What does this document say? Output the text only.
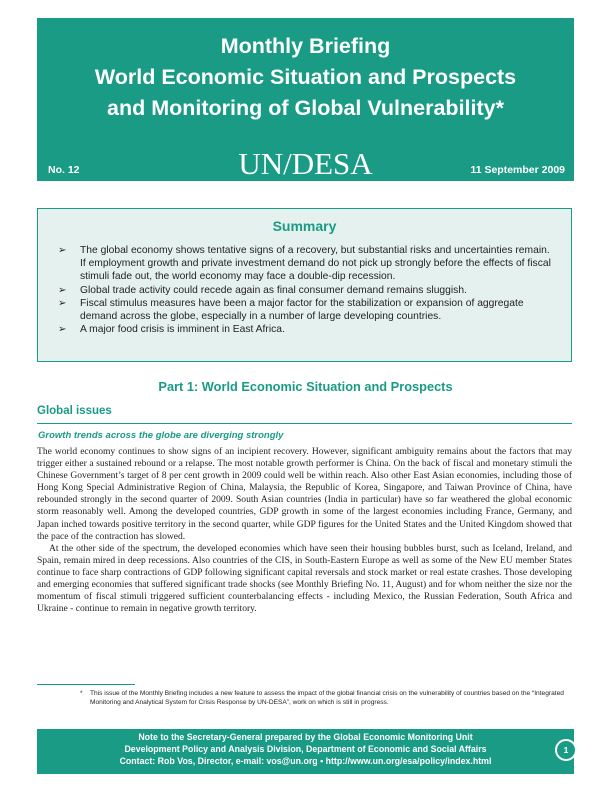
Monthly Briefing
World Economic Situation and Prospects
and Monitoring of Global Vulnerability*
No. 12	UN/DESA	11 September 2009
Summary
➢ The global economy shows tentative signs of a recovery, but substantial risks and uncertainties remain. If employment growth and private investment demand do not pick up strongly before the effects of fiscal stimuli fade out, the world economy may face a double-dip recession.
➢ Global trade activity could recede again as final consumer demand remains sluggish.
➢ Fiscal stimulus measures have been a major factor for the stabilization or expansion of aggregate demand across the globe, especially in a number of large developing countries.
➢ A major food crisis is imminent in East Africa.
Part 1: World Economic Situation and Prospects
Global issues
Growth trends across the globe are diverging strongly

The world economy continues to show signs of an incipient recovery. However, significant ambiguity remains about the factors that may trigger either a sustained rebound or a relapse. The most notable growth performer is China. On the back of fiscal and monetary stimuli the Chinese Government’s target of 8 per cent growth in 2009 could well be within reach. Also other East Asian economies, including those of Hong Kong Special Administrative Region of China, Malaysia, the Republic of Korea, Singapore, and Taiwan Province of China, have rebounded strongly in the second quarter of 2009. South Asian countries (India in particular) have so far weathered the global economic storm reasonably well. Among the developed countries, GDP growth in some of the largest economies including France, Germany, and Japan inched towards positive territory in the second quarter, while GDP figures for the United States and the United Kingdom showed that the pace of the contraction has slowed.

At the other side of the spectrum, the developed economies which have seen their housing bubbles burst, such as Iceland, Ireland, and Spain, remain mired in deep recessions. Also countries of the CIS, in South-Eastern Europe as well as some of the New EU member States continue to face sharp contractions of GDP following significant capital reversals and stock market or real estate crashes. Those developing and emerging economies that suffered significant trade shocks (see Monthly Briefing No. 11, August) and for whom neither the size nor the momentum of fiscal stimuli triggered sufficient counterbalancing effects - including Mexico, the Russian Federation, South Africa and Ukraine - continue to remain in negative growth territory.

* This issue of the Monthly Briefing includes a new feature to assess the impact of the global financial crisis on the vulnerability of countries based on the “Integrated Monitoring and Analytical System for Crisis Response by UN-DESA”, work on which is still in progress.
Note to the Secretary-General prepared by the Global Economic Monitoring Unit
Development Policy and Analysis Division, Department of Economic and Social Affairs
Contact: Rob Vos, Director, e-mail: vos@un.org • http://www.un.org/esa/policy/index.html
1
